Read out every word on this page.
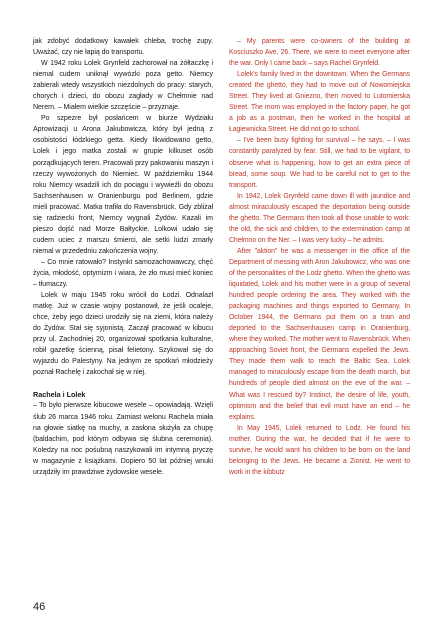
jak zdobyć dodatkowy kawałek chleba, trochę zupy. Uważać, czy nie łapią do transportu.

W 1942 roku Lolek Grynfeld zachorował na żółtaczkę i niemal cudem uniknął wywózki poza getto. Niemcy zabierali wtedy wszystkich niezdolnych do pracy: starych, chorych i dzieci, do obozu zagłady w Chełmnie nad Nerem. – Miałem wielkie szczęście – przyznaje.

Po szpezre był posłańcem w biurze Wydziału Aprowizacji u Arona Jakubowicza, który był jedną z osobistości łódzkiego getta. Kiedy likwidowano getto, Lolek i jego matka zostali w grupie kilkuset osób porządkujących teren. Pracowali przy pakowaniu maszyn i rzeczy wywożonych do Niemiec. W październiku 1944 roku Niemcy wsadzili ich do pociągu i wywieźli do obozu Sachsenhausen w Oranienburgu pod Berlinem, gdzie mieli pracować. Matka trafiła do Ravensbrück. Gdy zbliżał się radziecki front, Niemcy wygnali Żydów. Kazali im pieszo dojść nad Morze Bałtyckie. Lolkowi udało się cudem uciec z marszu śmierci, ale setki ludzi zmarły niemal w przededniu zakończenia wojny.

– Co mnie ratowało? Instynkt samozachowawczy, chęć życia, młodość, optymizm i wiara, że zło musi mieć koniec – tłumaczy.

Lolek w maju 1945 roku wrócił do Łodzi. Odnalazł matkę. Już w czasie wojny postanowił, że jeśli ocaleje, chce, żeby jego dzieci urodziły się na ziemi, która należy do Żydów. Stał się syjonistą. Zaczął pracować w kibucu przy ul. Zachodniej 20, organizował spotkania kulturalne, robił gazetkę ścienną, pisał felietony. Szykował się do wyjazdu do Palestyny. Na jednym ze spotkań młodzieży poznał Rachelę i zakochał się w niej.

Rachela i Lolek

– To było pierwsze kibucowe wesele – opowiadają. Wzięli ślub 26 marca 1946 roku. Zamiast welonu Rachela miała na głowie siatkę na muchy, a zasłona służyła za chupę (baldachim, pod którym odbywa się ślubna ceremonia). Koledzy na noc pośubną naszykowali im intymną pryczę w magazynie z książkami. Dopiero 50 lat później wnuki urządziły im prawdziwe żydowskie wesele.

– My parents were co-owners of the building at Kosciuszko Ave, 26. There, we were to meet everyone after the war. Only I came back – says Rachel Grynfeld.

Lolek's family lived in the downtown. When the Germans created the ghetto, they had to move out of Nowomiejska Street. They lived at Gniezno, then moved to Lutomierska Street. The mom was employed in the factory paper, he got a job as a postman, then he worked in the hospital at Łagiewnicka Street. He did not go to school.

– I've been busy fighting for survival – he says. – I was constantly paralyzed by fear. Still, we had to be vigilant, to observe what is happening, how to get an extra piece of bread, some soup. We had to be careful not to get to the transport.

In 1942, Lolek Grynfeld came down ill with jaundice and almost miraculously escaped the deportation being outside the ghetto. The Germans then took all those unable to work: the old, the sick and children, to the extermination camp at Chełmno on the Ner. – I was very lucky – he admits.

After "aktion" he was a messenger in the office of the Department of messing with Aron Jakubowicz, who was one of the personalities of the Lodz ghetto. When the ghetto was liquidated, Lolek and his mother were in a group of several hundred people ordering the area. They worked with the packaging machines and things exported to Germany. In October 1944, the Germans put them on a train and deported to the Sachsenhausen camp in Oranienburg, where they worked. The mother went to Ravensbrück. When approaching Soviet front, the Germans expelled the Jews. They made them walk to reach the Baltic Sea. Lolek managed to miraculously escape from the death march, but hundreds of people died almost on the eve of the war. – What was I rescued by? Instinct, the desire of life, youth, optimism and the belief that evil must have an end – he explains.

In May 1945, Lolek returned to Lodz. He found his mother. During the war, he decided that if he were to survive, he would want his children to be born on the land belonging to the Jews. He became a Zionist. He went to work in the kibbutz

46
